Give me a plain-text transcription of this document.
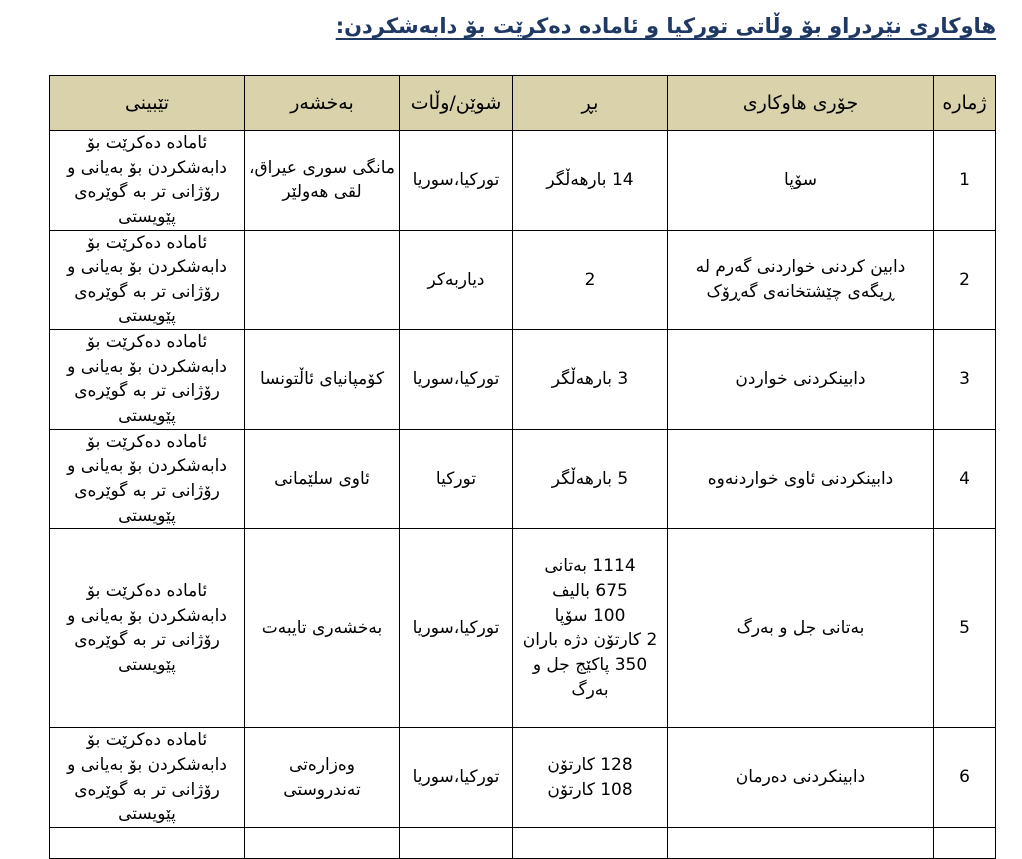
هاوکاری نێردراو بۆ وڵاتی تورکیا و ئامادە دەکرێت بۆ دابەشکردن:
ژمارە	جۆری هاوکاری	بڕ	شوێن/وڵات	بەخشەر	تێبینی
1	سۆپا	14 بارهەڵگر	تورکیا،سوریا	مانگی سوری عیراق، لقی هەولێر	ئامادە دەکرێت بۆ دابەشکردن بۆ بەیانی و رۆژانی تر بە گوێرەی پێویستی
2	دابین کردنی خواردنی گەرم لە ڕیگەی چێشتخانەی گەڕۆک	2	دیاربەکر		ئامادە دەکرێت بۆ دابەشکردن بۆ بەیانی و رۆژانی تر بە گوێرەی پێویستی
3	دابینکردنی خواردن	3 بارهەڵگر	تورکیا،سوریا	کۆمپانیای ئاڵتونسا	ئامادە دەکرێت بۆ دابەشکردن بۆ بەیانی و رۆژانی تر بە گوێرەی پێویستی
4	دابینکردنی ئاوی خواردنەوە	5 بارهەڵگر	تورکیا	ئاوی سلێمانی	ئامادە دەکرێت بۆ دابەشکردن بۆ بەیانی و رۆژانی تر بە گوێرەی پێویستی
5	بەتانی جل و بەرگ	1114 بەتانی
675 بالیف
100 سۆپا
2 کارتۆن دژە باران
350 پاکێج جل و بەرگ	تورکیا،سوریا	بەخشەری تایبەت	ئامادە دەکرێت بۆ دابەشکردن بۆ بەیانی و رۆژانی تر بە گوێرەی پێویستی
6	دابینکردنی دەرمان	128 کارتۆن
108 کارتۆن	تورکیا،سوریا	وەزارەتی تەندروستی	ئامادە دەکرێت بۆ دابەشکردن بۆ بەیانی و رۆژانی تر بە گوێرەی پێویستی
